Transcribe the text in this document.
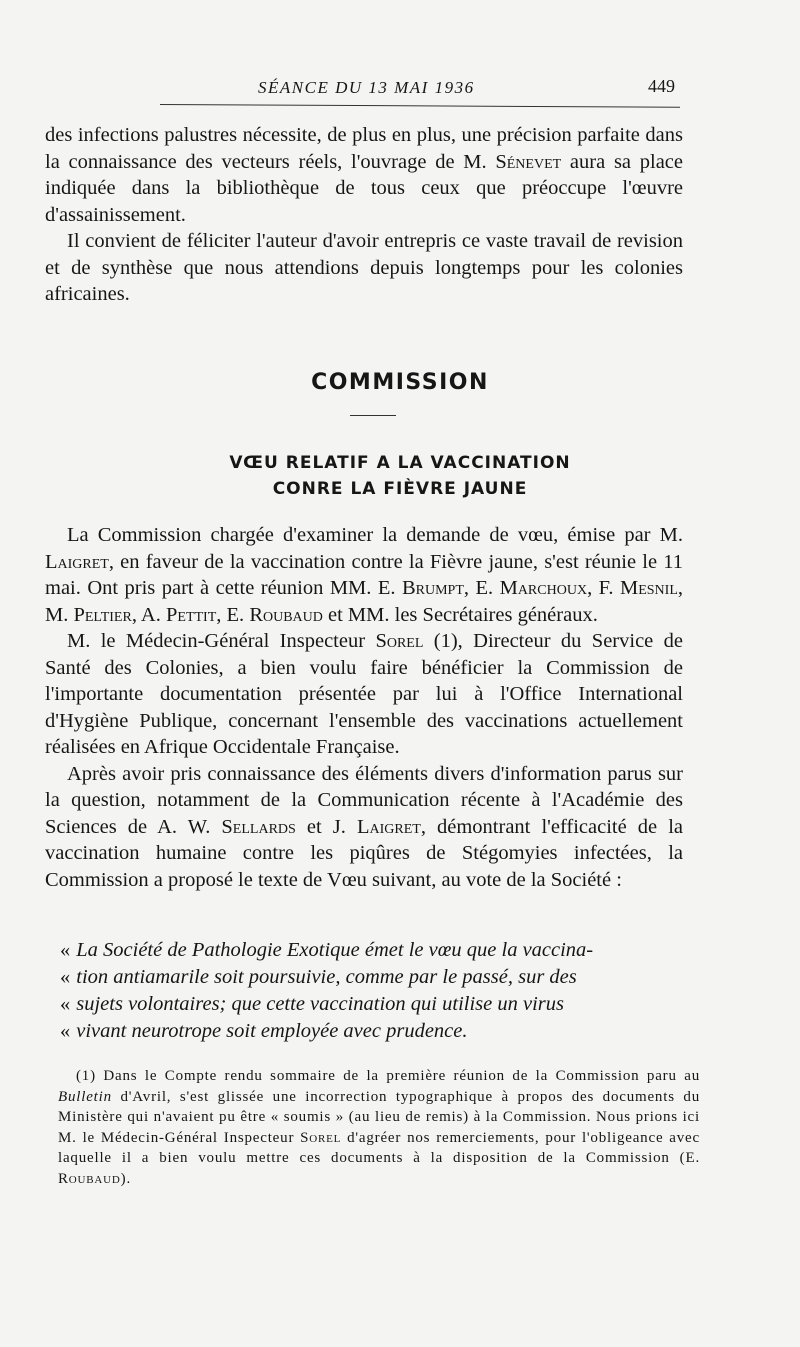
SÉANCE DU 13 MAI 1936	449

des infections palustres nécessite, de plus en plus, une précision parfaite dans la connaissance des vecteurs réels, l'ouvrage de M. Sénevet aura sa place indiquée dans la bibliothèque de tous ceux que préoccupe l'œuvre d'assainissement.

Il convient de féliciter l'auteur d'avoir entrepris ce vaste travail de revision et de synthèse que nous attendions depuis longtemps pour les colonies africaines.

COMMISSION
VŒU RELATIF A LA VACCINATION
CONRE LA FIÈVRE JAUNE

La Commission chargée d'examiner la demande de vœu, émise par M. Laigret, en faveur de la vaccination contre la Fièvre jaune, s'est réunie le 11 mai. Ont pris part à cette réunion MM. E. Brumpt, E. Marchoux, F. Mesnil, M. Peltier, A. Pettit, E. Roubaud et MM. les Secrétaires généraux.

M. le Médecin-Général Inspecteur Sorel (1), Directeur du Service de Santé des Colonies, a bien voulu faire bénéficier la Commission de l'importante documentation présentée par lui à l'Office International d'Hygiène Publique, concernant l'ensemble des vaccinations actuellement réalisées en Afrique Occidentale Française.

Après avoir pris connaissance des éléments divers d'information parus sur la question, notamment de la Communication récente à l'Académie des Sciences de A. W. Sellards et J. Laigret, démontrant l'efficacité de la vaccination humaine contre les piqûres de Stégomyies infectées, la Commission a proposé le texte de Vœu suivant, au vote de la Société :

« La Société de Pathologie Exotique émet le vœu que la vaccina-

« tion antiamarile soit poursuivie, comme par le passé, sur des

« sujets volontaires; que cette vaccination qui utilise un virus

« vivant neurotrope soit employée avec prudence.

(1) Dans le Compte rendu sommaire de la première réunion de la Commission paru au Bulletin d'Avril, s'est glissée une incorrection typographique à propos des documents du Ministère qui n'avaient pu être « soumis » (au lieu de remis) à la Commission. Nous prions ici M. le Médecin-Général Inspecteur Sorel d'agréer nos remerciements, pour l'obligeance avec laquelle il a bien voulu mettre ces documents à la disposition de la Commission (E. Roubaud).
